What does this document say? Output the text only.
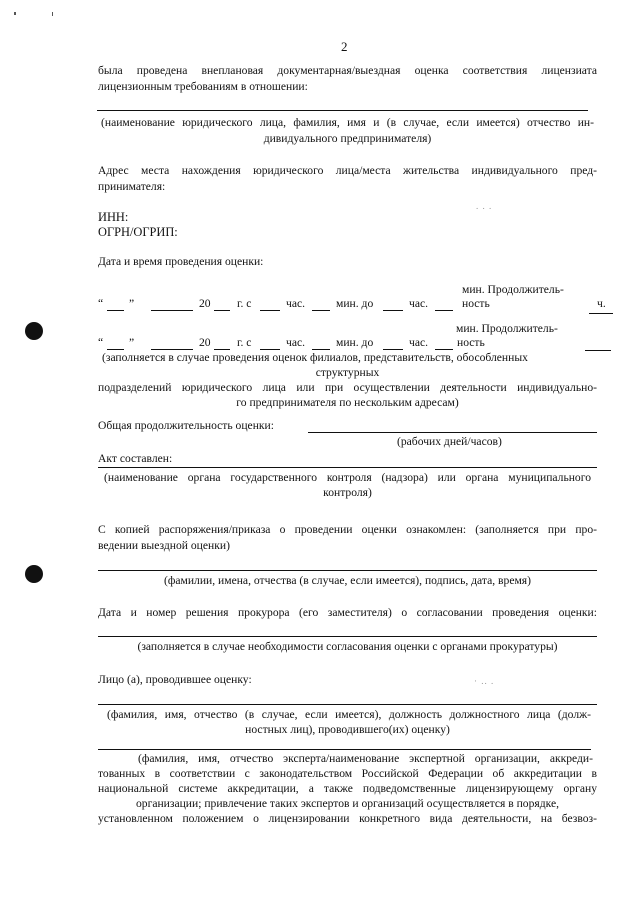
. . .
· .. .
2
была проведена внеплановая документарная/выездная оценка соответствия лицензиата
лицензионным требованиям в отношении:
(наименование юридического лица, фамилия, имя и (в случае, если имеется) отчество ин-
дивидуального предпринимателя)
Адрес места нахождения юридического лица/места жительства индивидуального пред-
принимателя:
ИНН:
ОГРН/ОГРИП:
Дата и время проведения оценки:
мин. Продолжитель-
“ ”	20 г. с	час.	мин. до	час.	ность	ч.
мин. Продолжитель-
“ ”	20 г. с	час.	мин. до	час. ность
(заполняется в случае проведения оценок филиалов, представительств, обособленных
структурных
подразделений юридического лица или при осуществлении деятельности индивидуально-
го предпринимателя по нескольким адресам)
Общая продолжительность оценки:
(рабочих дней/часов)
Акт составлен:
(наименование органа государственного контроля (надзора) или органа муниципального
контроля)
С копией распоряжения/приказа о проведении оценки ознакомлен: (заполняется при про-
ведении выездной оценки)
(фамилии, имена, отчества (в случае, если имеется), подпись, дата, время)
Дата и номер решения прокурора (его заместителя) о согласовании проведения оценки:
(заполняется в случае необходимости согласования оценки с органами прокуратуры)
Лицо (а), проводившее оценку:
(фамилия, имя, отчество (в случае, если имеется), должность должностного лица (долж-
ностных лиц), проводившего(их) оценку)
(фамилия, имя, отчество эксперта/наименование экспертной организации, аккреди-
тованных в соответствии с законодательством Российской Федерации об аккредитации в
национальной системе аккредитации, а также подведомственные лицензирующему органу
организации; привлечение таких экспертов и организаций осуществляется в порядке,
установленном положением о лицензировании конкретного вида деятельности, на безвоз-
